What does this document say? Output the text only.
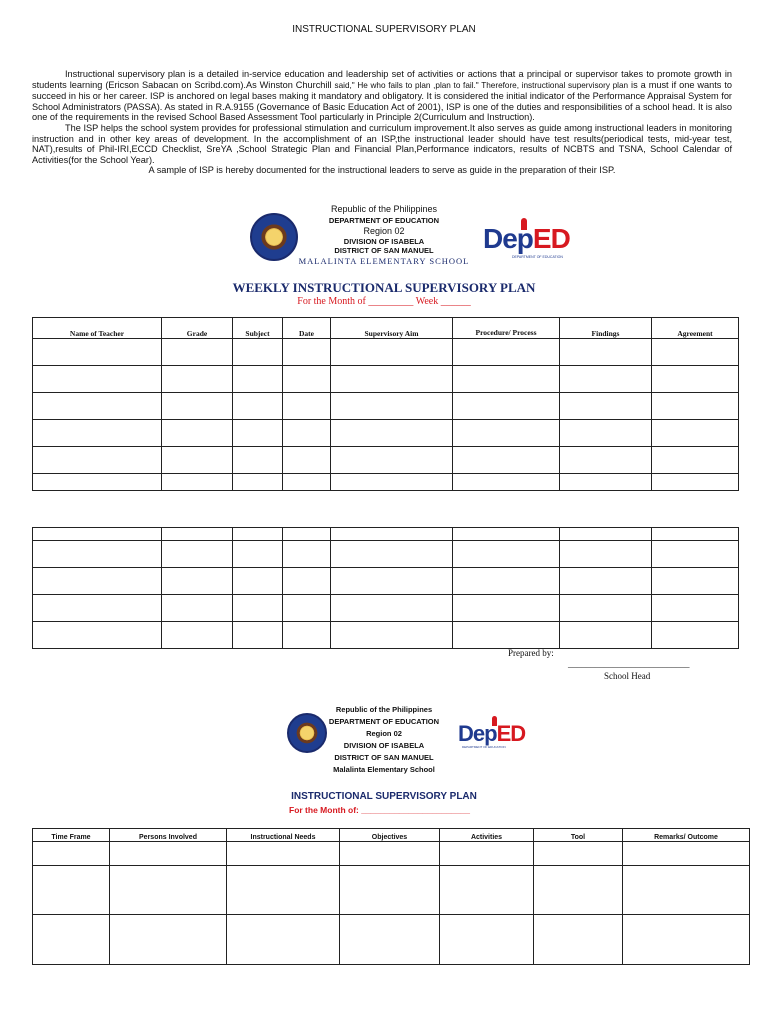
INSTRUCTIONAL SUPERVISORY PLAN

Instructional supervisory plan is a detailed in-service education and leadership set of activities or actions that a principal or supervisor takes to promote growth in students learning (Ericson Sabacan on Scribd.com).As Winston Churchill said," He who fails to plan ,plan to fail." Therefore, instructional supervisory plan is a must if one wants to succeed in his or her career. ISP is anchored on legal bases making it mandatory and obligatory. It is considered the initial indicator of the Performance Appraisal System for School Administrators (PASSA). As stated in R.A.9155 (Governance of Basic Education Act of 2001), ISP is one of the duties and responsibilities of a school head. It is also one of the requirements in the revised School Based Assessment Tool particularly in Principle 2(Curriculum and Instruction).

The ISP helps the school system provides for professional stimulation and curriculum improvement.It also serves as guide among instructional leaders in monitoring instruction and in other key areas of development. In the accomplishment of an ISP,the instructional leader should have test results(periodical tests, mid-year test, NAT),results of Phil-IRI,ECCD Checklist, SreYA ,School Strategic Plan and Financial Plan,Performance indicators, results of NCBTS and TSNA, School Calendar of Activities(for the School Year).

A sample of ISP is hereby documented for the instructional leaders to serve as guide in the preparation of their ISP.

Republic of the Philippines
DEPARTMENT OF EDUCATION
Region 02
DIVISION OF ISABELA
DISTRICT OF SAN MANUEL
MALALINTA ELEMENTARY SCHOOL
DepED
DEPARTMENT OF EDUCATION
WEEKLY INSTRUCTIONAL SUPERVISORY PLAN
For the Month of _________ Week ______
Name of Teacher	Grade	Subject	Date	Supervisory Aim	Procedure/ Process	Findings	Agreement

Prepared by:
___________________________
School Head
Republic of the Philippines
DEPARTMENT OF EDUCATION
Region 02
DIVISION OF ISABELA
DISTRICT OF SAN MANUEL
Malalinta Elementary School
DepED
DEPARTMENT OF EDUCATION
INSTRUCTIONAL SUPERVISORY PLAN
For the Month of: _______________________
Time Frame	Persons Involved	Instructional Needs	Objectives	Activities	Tool	Remarks/ Outcome
